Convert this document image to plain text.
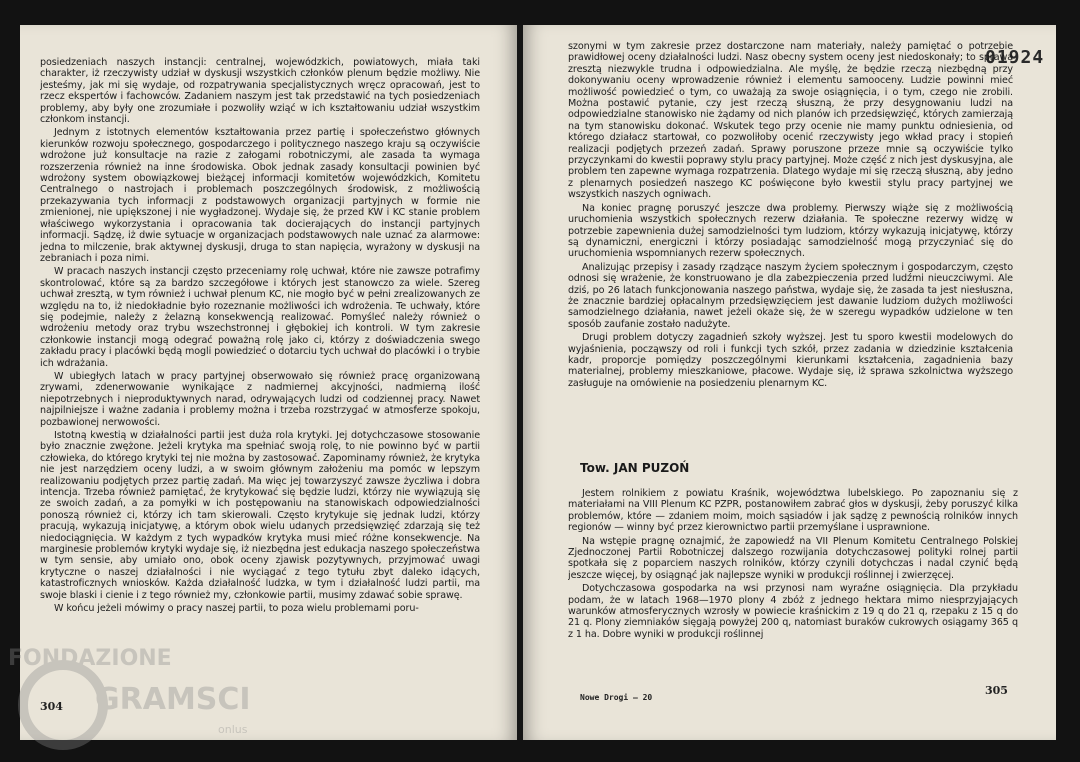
posiedzeniach naszych instancji: centralnej, wojewódzkich, powiatowych, miała taki charakter, iż rzeczywisty udział w dyskusji wszystkich członków plenum będzie możliwy. Nie jesteśmy, jak mi się wydaje, od rozpatrywania specjalistycznych wręcz opracowań, jest to rzecz ekspertów i fachowców. Zadaniem naszym jest tak przedstawić na tych posiedzeniach problemy, aby były one zrozumiałe i pozwoliły wziąć w ich kształtowaniu udział wszystkim członkom instancji.

Jednym z istotnych elementów kształtowania przez partię i społeczeństwo głównych kierunków rozwoju społecznego, gospodarczego i politycznego naszego kraju są oczywiście wdrożone już konsultacje na razie z załogami robotniczymi, ale zasada ta wymaga rozszerzenia również na inne środowiska. Obok jednak zasady konsultacji powinien być wdrożony system obowiązkowej bieżącej informacji komitetów wojewódzkich, Komitetu Centralnego o nastrojach i problemach poszczególnych środowisk, z możliwością przekazywania tych informacji z podstawowych organizacji partyjnych w formie nie zmienionej, nie upiększonej i nie wygładzonej. Wydaje się, że przed KW i KC stanie problem właściwego wykorzystania i opracowania tak docierających do instancji partyjnych informacji. Sądzę, iż dwie sytuacje w organizacjach podstawowych nale uznać za alarmowe: jedna to milczenie, brak aktywnej dyskusji, druga to stan napięcia, wyrażony w dyskusji na zebraniach i poza nimi.

W pracach naszych instancji często przeceniamy rolę uchwał, które nie zawsze potrafimy skontrolować, które są za bardzo szczegółowe i których jest stanowczo za wiele. Szereg uchwał zresztą, w tym również i uchwał plenum KC, nie mogło być w pełni zrealizowanych ze względu na to, iż niedokładnie było rozeznanie możliwości ich wdrożenia. Te uchwały, które się podejmie, należy z żelazną konsekwencją realizować. Pomyśleć należy również o wdrożeniu metody oraz trybu wszechstronnej i głębokiej ich kontroli. W tym zakresie członkowie instancji mogą odegrać poważną rolę jako ci, którzy z doświadczenia swego zakładu pracy i placówki będą mogli powiedzieć o dotarciu tych uchwał do placówki i o trybie ich wdrażania.

W ubiegłych latach w pracy partyjnej obserwowało się również pracę organizowaną zrywami, zdenerwowanie wynikające z nadmiernej akcyjności, nadmierną ilość niepotrzebnych i nieproduktywnych narad, odrywających ludzi od codziennej pracy. Nawet najpilniejsze i ważne zadania i problemy można i trzeba rozstrzygać w atmosferze spokoju, pozbawionej nerwowości.

Istotną kwestią w działalności partii jest duża rola krytyki. Jej dotychczasowe stosowanie było znacznie zwężone. Jeżeli krytyka ma spełniać swoją rolę, to nie powinno być w partii człowieka, do którego krytyki tej nie można by zastosować. Zapominamy również, że krytyka nie jest narzędziem oceny ludzi, a w swoim głównym założeniu ma pomóc w lepszym realizowaniu podjętych przez partię zadań. Ma więc jej towarzyszyć zawsze życzliwa i dobra intencja. Trzeba również pamiętać, że krytykować się będzie ludzi, którzy nie wywiązują się ze swoich zadań, a za pomyłki w ich postępowaniu na stanowiskach odpowiedzialności ponoszą również ci, którzy ich tam skierowali. Często krytykuje się jednak ludzi, którzy pracują, wykazują inicjatywę, a którym obok wielu udanych przedsięwzięć zdarzają się też niedociągnięcia. W każdym z tych wypadków krytyka musi mieć różne konsekwencje. Na marginesie problemów krytyki wydaje się, iż niezbędna jest edukacja naszego społeczeństwa w tym sensie, aby umiało ono, obok oceny zjawisk pozytywnych, przyjmować uwagi krytyczne o naszej działalności i nie wyciągać z tego tytułu zbyt daleko idących, katastroficznych wniosków. Każda działalność ludzka, w tym i działalność ludzi partii, ma swoje blaski i cienie i z tego również my, członkowie partii, musimy zdawać sobie sprawę.

W końcu jeżeli mówimy o pracy naszej partii, to poza wielu problemami poru-

304
01924

szonymi w tym zakresie przez dostarczone nam materiały, należy pamiętać o potrzebie prawidłowej oceny działalności ludzi. Nasz obecny system oceny jest niedoskonały; to sprawa zresztą niezwykle trudna i odpowiedzialna. Ale myślę, że będzie rzeczą niezbędną przy dokonywaniu oceny wprowadzenie również i elementu samooceny. Ludzie powinni mieć możliwość powiedzieć o tym, co uważają za swoje osiągnięcia, i o tym, czego nie zrobili. Można postawić pytanie, czy jest rzeczą słuszną, że przy desygnowaniu ludzi na odpowiedzialne stanowisko nie żądamy od nich planów ich przedsięwzięć, których zamierzają na tym stanowisku dokonać. Wskutek tego przy ocenie nie mamy punktu odniesienia, od którego działacz startował, co pozwoliłoby ocenić rzeczywisty jego wkład pracy i stopień realizacji podjętych przezeń zadań. Sprawy poruszone przeze mnie są oczywiście tylko przyczynkami do kwestii poprawy stylu pracy partyjnej. Może część z nich jest dyskusyjna, ale problem ten zapewne wymaga rozpatrzenia. Dlatego wydaje mi się rzeczą słuszną, aby jedno z plenarnych posiedzeń naszego KC poświęcone było kwestii stylu pracy partyjnej we wszystkich naszych ogniwach.

Na koniec pragnę poruszyć jeszcze dwa problemy. Pierwszy wiąże się z możliwością uruchomienia wszystkich społecznych rezerw działania. Te społeczne rezerwy widzę w potrzebie zapewnienia dużej samodzielności tym ludziom, którzy wykazują inicjatywę, którzy są dynamiczni, energiczni i którzy posiadając samodzielność mogą przyczyniać się do uruchomienia wspomnianych rezerw społecznych.

Analizując przepisy i zasady rządzące naszym życiem społecznym i gospodarczym, często odnosi się wrażenie, że konstruowano je dla zabezpieczenia przed ludźmi nieuczciwymi. Ale dziś, po 26 latach funkcjonowania naszego państwa, wydaje się, że zasada ta jest niesłuszna, że znacznie bardziej opłacalnym przedsięwzięciem jest dawanie ludziom dużych możliwości samodzielnego działania, nawet jeżeli okaże się, że w szeregu wypadków udzielone w ten sposób zaufanie zostało nadużyte.

Drugi problem dotyczy zagadnień szkoły wyższej. Jest tu sporo kwestii modelowych do wyjaśnienia, począwszy od roli i funkcji tych szkół, przez zadania w dziedzinie kształcenia kadr, proporcje pomiędzy poszczególnymi kierunkami kształcenia, zagadnienia bazy materialnej, problemy mieszkaniowe, płacowe. Wydaje się, iż sprawa szkolnictwa wyższego zasługuje na omówienie na posiedzeniu plenarnym KC.

Tow. JAN PUZOŃ

Jestem rolnikiem z powiatu Kraśnik, województwa lubelskiego. Po zapoznaniu się z materiałami na VIII Plenum KC PZPR, postanowiłem zabrać głos w dyskusji, żeby poruszyć kilka problemów, które — zdaniem moim, moich sąsiadów i jak sądzę z pewnością rolników innych regionów — winny być przez kierownictwo partii przemyślane i usprawnione.

Na wstępie pragnę oznajmić, że zapowiedź na VII Plenum Komitetu Centralnego Polskiej Zjednoczonej Partii Robotniczej dalszego rozwijania dotychczasowej polityki rolnej partii spotkała się z poparciem naszych rolników, którzy czynili dotychczas i nadal czynić będą jeszcze więcej, by osiągnąć jak najlepsze wyniki w produkcji roślinnej i zwierzęcej.

Dotychczasowa gospodarka na wsi przynosi nam wyraźne osiągnięcia. Dla przykładu podam, że w latach 1968—1970 plony 4 zbóż z jednego hektara mimo niesprzyjających warunków atmosferycznych wzrosły w powiecie kraśnickim z 19 q do 21 q, rzepaku z 15 q do 21 q. Plony ziemniaków sięgają powyżej 200 q, natomiast buraków cukrowych osiągamy 365 q z 1 ha. Dobre wyniki w produkcji roślinnej

Nowe Drogi — 20
305
FONDAZIONE
GRAMSCI
onlus
